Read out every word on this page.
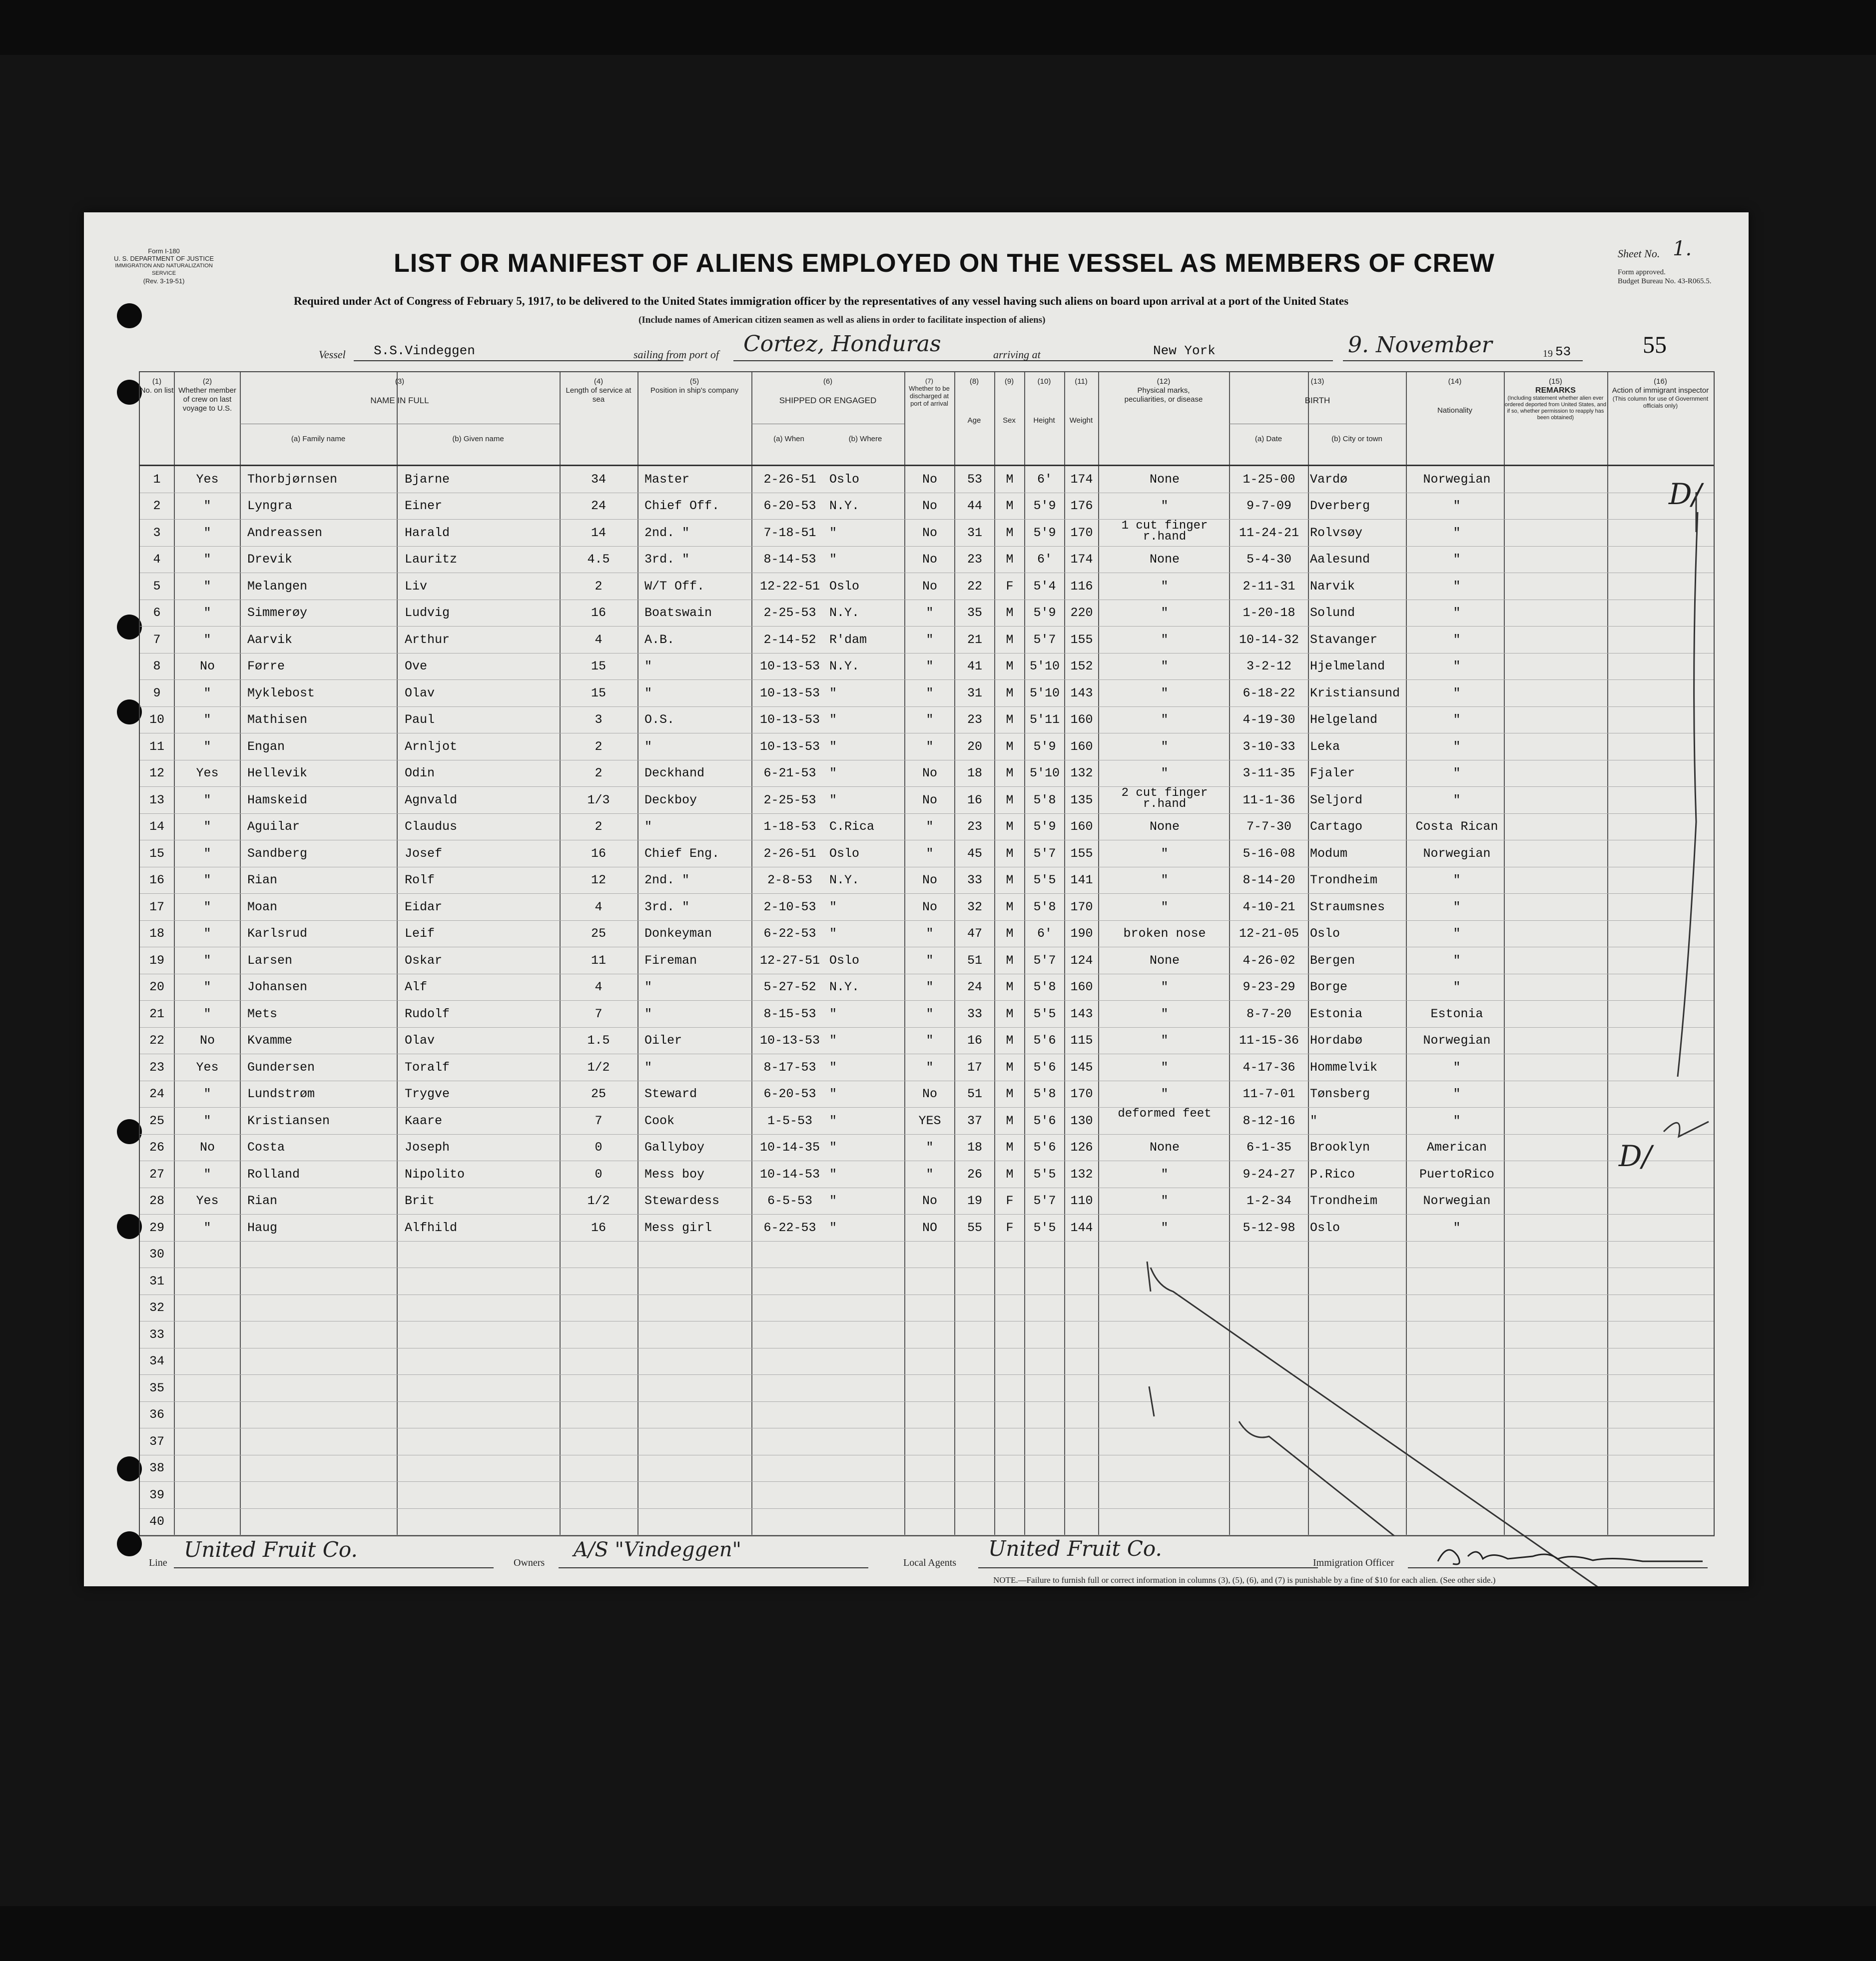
Form I-180
U. S. DEPARTMENT OF JUSTICE
IMMIGRATION AND NATURALIZATION SERVICE
(Rev. 3-19-51)
LIST OR MANIFEST OF ALIENS EMPLOYED ON THE VESSEL AS MEMBERS OF CREW	Sheet No. 1.
Form approved.
Budget Bureau No. 43-R065.5.
Required under Act of Congress of February 5, 1917, to be delivered to the United States immigration officer by the representatives of any vessel having such aliens on board upon arrival at a port of the United States
(Include names of American citizen seamen as well as aliens in order to facilitate inspection of aliens)
Vessel S.S.Vindeggen	sailing from port of Cortez, Honduras	arriving at	New York	9. November	19 53	55
(1)
No. on list
(2)
Whether member of crew on last voyage to U.S.
(3)
NAME IN FULL
(a) Family name	(b) Given name
(4)
Length of service at sea
(5)
Position in ship's company
(6)
SHIPPED OR ENGAGED
(a) When	(b) Where
(7)
Whether to be discharged at port of arrival
(8)
Age
(9)
Sex
(10)
Height
(11)
Weight
(12)
Physical marks, peculiarities, or disease
(13)
BIRTH
(a) Date	(b) City or town
(14)
Nationality
(15)
REMARKS
(Including statement whether alien ever ordered deported from United States, and if so, whether permission to reapply has been obtained)
(16)
Action of immigrant inspector
(This column for use of Government officials only)
1	Yes	Thorbjørnsen	Bjarne	34	Master	2-26-51	Oslo	No	53	M	6'	174	None	1-25-00	Vardø	Norwegian
2	"	Lyngra	Einer	24	Chief Off.	6-20-53	N.Y.	No	44	M	5'9	176	"	9-7-09	Dverberg	"
3	"	Andreassen	Harald	14	2nd. "	7-18-51	"	No	31	M	5'9	170	1 cut finger r.hand	11-24-21 Rolvsøy	"
4	"	Drevik	Lauritz	4.5	3rd. "	8-14-53	"	No	23	M	6'	174	None	5-4-30	Aalesund	"
5	"	Melangen	Liv	2	W/T Off.	12-22-51 Oslo	No	22	F	5'4	116	"	2-11-31	Narvik	"
6	"	Simmerøy	Ludvig	16	Boatswain	2-25-53	N.Y.	"	35	M	5'9	220	"	1-20-18	Solund	"
7	"	Aarvik	Arthur	4	A.B.	2-14-52	R'dam	"	21	M	5'7	155	"	10-14-32 Stavanger	"
8	No	Førre	Ove	15	"	10-13-53 N.Y.	"	41	M	5'10 152	"	3-2-12	Hjelmeland	"
9	"	Myklebost	Olav	15	"	10-13-53 "	"	31	M	5'10 143	"	6-18-22	Kristiansund	"
10	"	Mathisen	Paul	3	O.S.	10-13-53 "	"	23	M	5'11 160	"	4-19-30	Helgeland	"
11	"	Engan	Arnljot	2	"	10-13-53 "	"	20	M	5'9	160	"	3-10-33	Leka	"
12	Yes	Hellevik	Odin	2	Deckhand	6-21-53	"	No	18	M	5'10 132	"	3-11-35	Fjaler	"
13	"	Hamskeid	Agnvald	1/3	Deckboy	2-25-53	"	No	16	M	5'8	135	2 cut finger r.hand	11-1-36	Seljord	"
14	"	Aguilar	Claudus	2	"	1-18-53	C.Rica	"	23	M	5'9	160	None	7-7-30	Cartago	Costa Rican
15	"	Sandberg	Josef	16	Chief Eng.	2-26-51	Oslo	"	45	M	5'7	155	"	5-16-08	Modum	Norwegian
16	"	Rian	Rolf	12	2nd. "	2-8-53	N.Y.	No	33	M	5'5	141	"	8-14-20	Trondheim	"
17	"	Moan	Eidar	4	3rd. "	2-10-53	"	No	32	M	5'8	170	"	4-10-21	Straumsnes	"
18	"	Karlsrud	Leif	25	Donkeyman	6-22-53	"	"	47	M	6'	190	broken nose	12-21-05 Oslo	"
19	"	Larsen	Oskar	11	Fireman	12-27-51 Oslo	"	51	M	5'7	124	None	4-26-02	Bergen	"
20	"	Johansen	Alf	4	"	5-27-52	N.Y.	"	24	M	5'8	160	"	9-23-29	Borge	"
21	"	Mets	Rudolf	7	"	8-15-53	"	"	33	M	5'5	143	"	8-7-20	Estonia	Estonia
22	No	Kvamme	Olav	1.5	Oiler	10-13-53 "	"	16	M	5'6	115	"	11-15-36 Hordabø	Norwegian
23	Yes	Gundersen	Toralf	1/2	"	8-17-53	"	"	17	M	5'6	145	"	4-17-36	Hommelvik	"
24	"	Lundstrøm	Trygve	25	Steward	6-20-53	"	No	51	M	5'8	170	"	11-7-01	Tønsberg	"
25	"	Kristiansen	Kaare	7	Cook	1-5-53	"	YES	37	M	5'6	130	deformed feet	8-12-16	"	"
26	No	Costa	Joseph	0	Gallyboy	10-14-35 "	"	18	M	5'6	126	None	6-1-35	Brooklyn	American
27	"	Rolland	Nipolito	0	Mess boy	10-14-53 "	"	26	M	5'5	132	"	9-24-27	P.Rico	PuertoRico
28	Yes	Rian	Brit	1/2	Stewardess	6-5-53	"	No	19	F	5'7	110	"	1-2-34	Trondheim	Norwegian
29	"	Haug	Alfhild	16	Mess girl	6-22-53	"	NO	55	F	5'5	144	"	5-12-98	Oslo	"
30
31
32
33
34
35
36
37
38
39
40
D/
D/
Line
United Fruit Co.
Owners
A/S "Vindeggen"
Local Agents
United Fruit Co.
Immigration Officer
NOTE.—Failure to furnish full or correct information in columns (3), (5), (6), and (7) is punishable by a fine of $10 for each alien. (See other side.)
